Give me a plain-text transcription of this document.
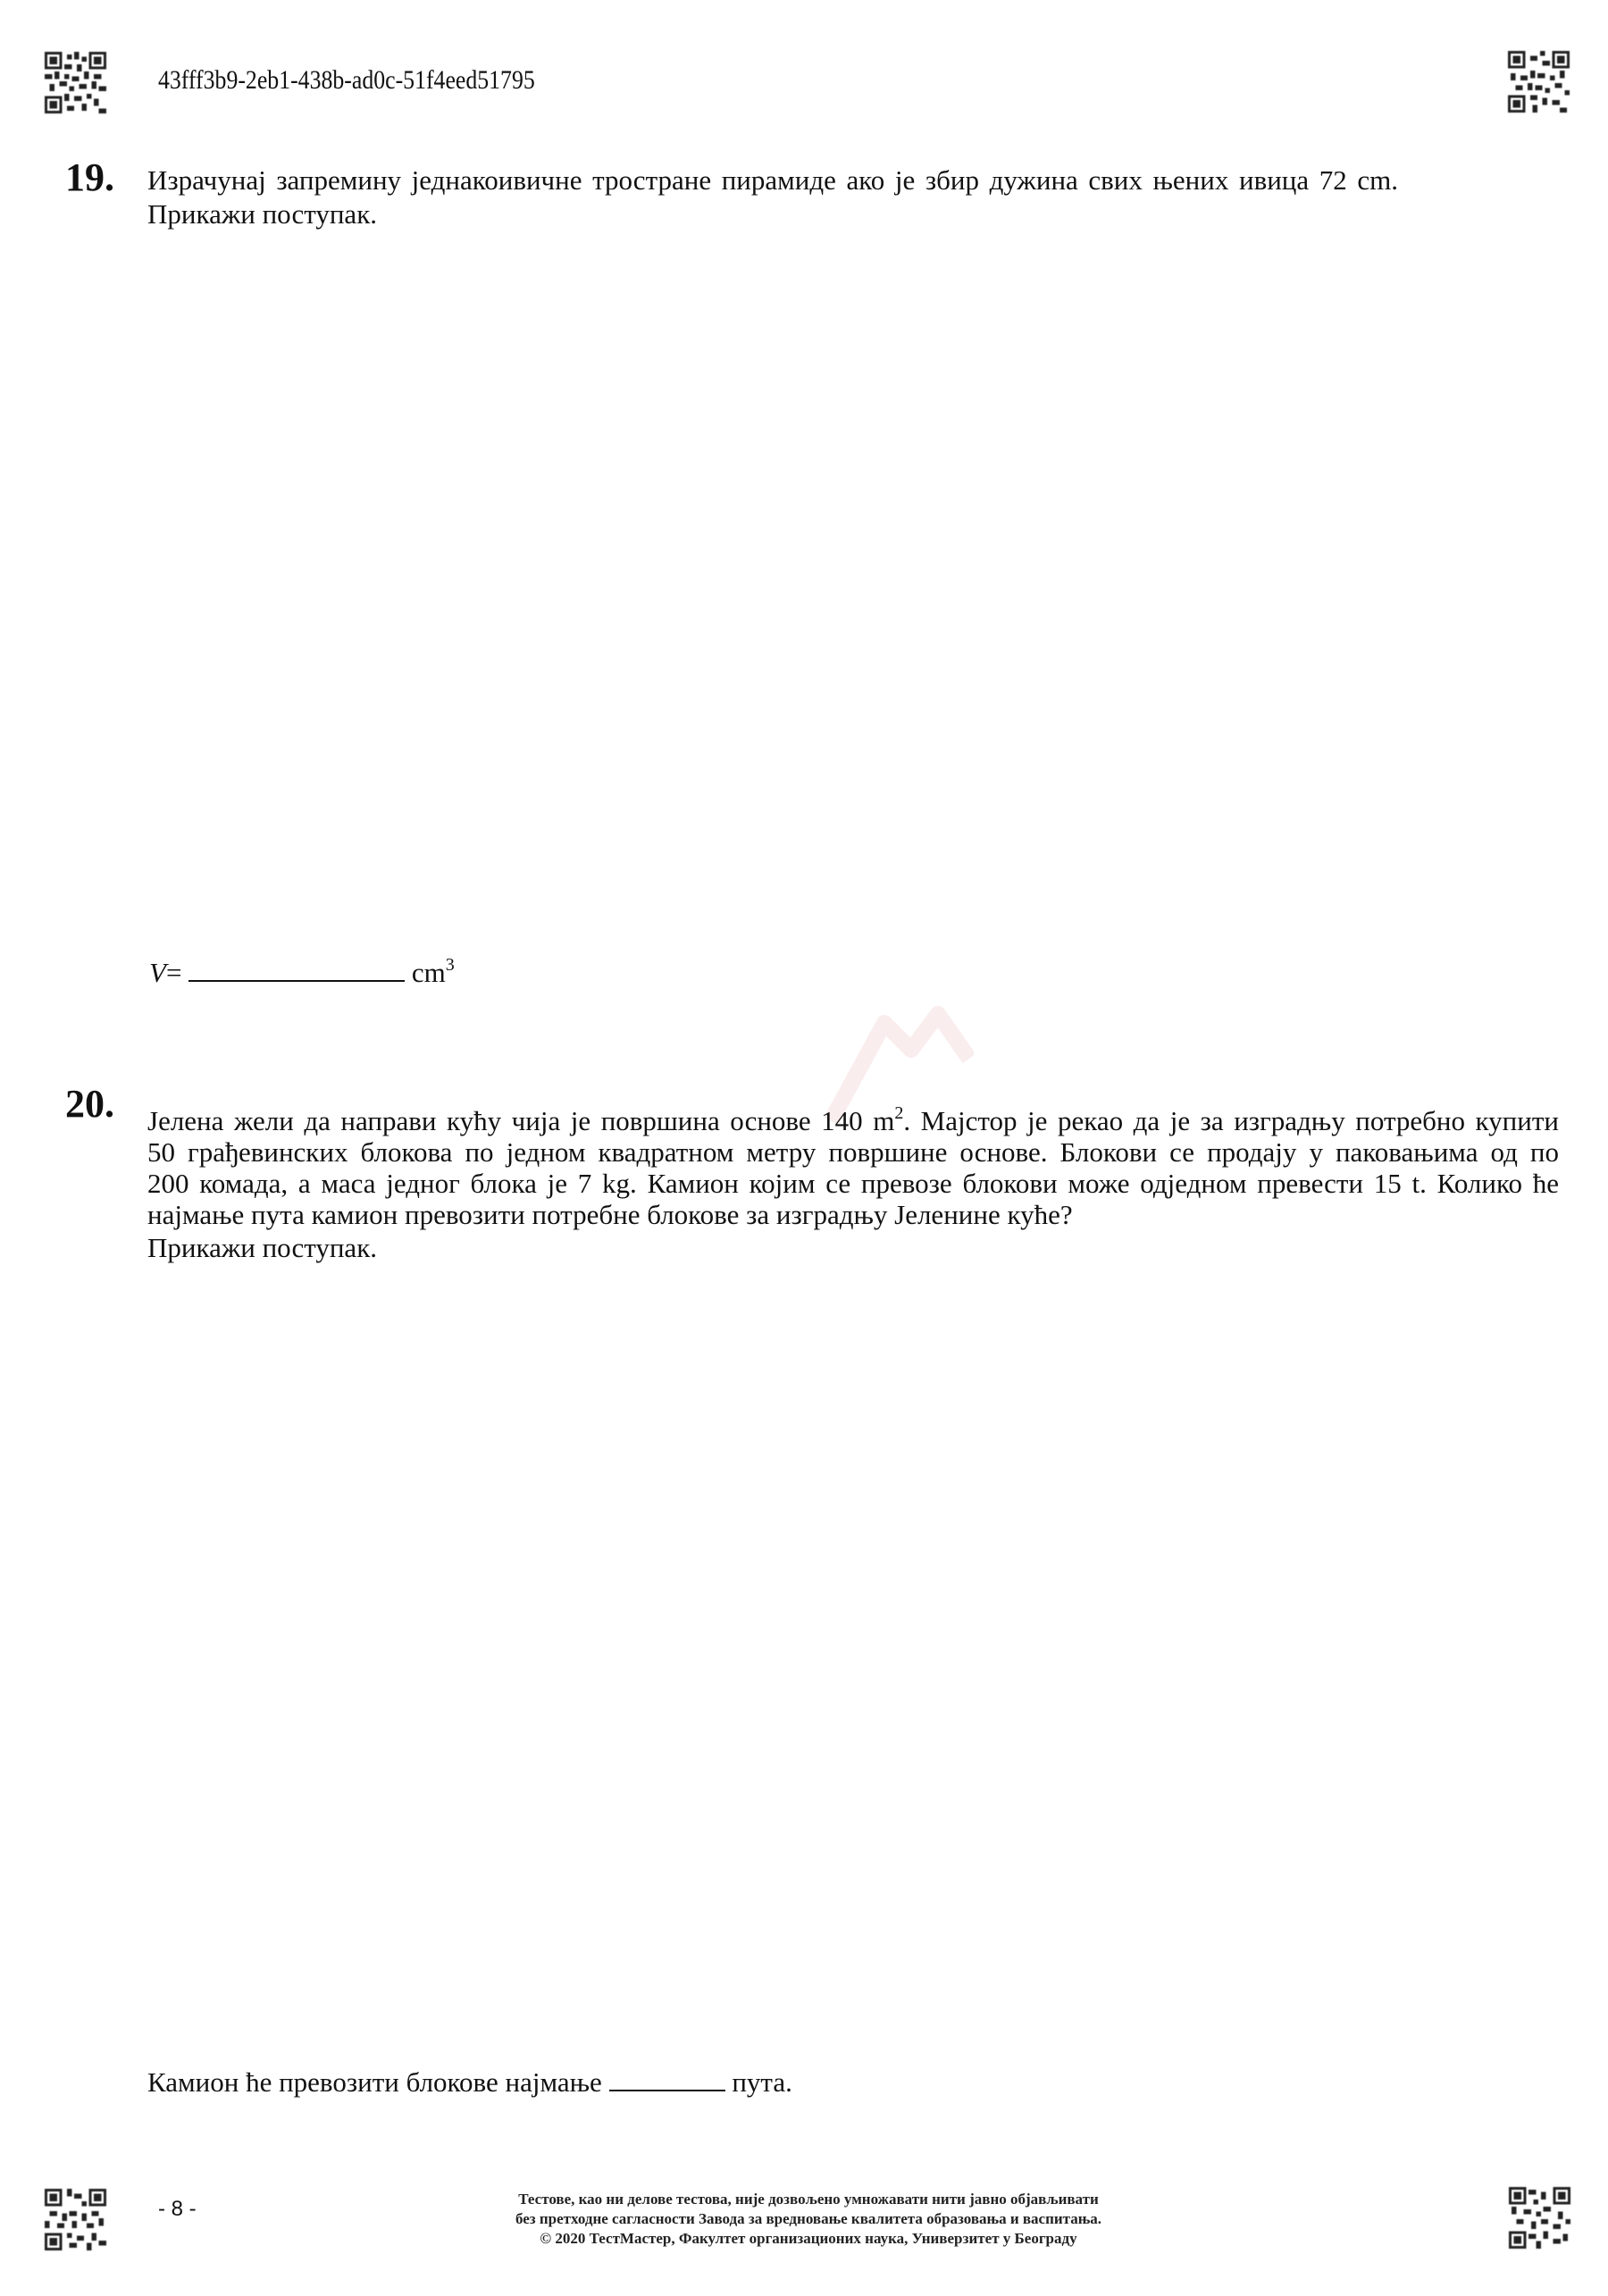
43fff3b9-2eb1-438b-ad0c-51f4eed51795
19. Израчунај запремину једнакоивичне тростране пирамиде ако је збир дужина свих њених ивица 72 cm.
Прикажи поступак.
V=	$cm^3$
20. Јелена жели да направи кућу чија је површина основе 140 $m^2$. Мајстор је рекао да је за изградњу потребно купити
50 грађевинских блокова по једном квадратном метру површине основе. Блокови се продају у паковањима од по
200 комада, а маса једног блока је 7 kg. Камион којим се превозе блокови може одједном превести 15 t. Колико ће
најмање пута камион превозити потребне блокове за изградњу Јеленине куће?
Прикажи поступак.
Камион ће превозити блокове најмање	пута.
- 8 -	Тестове, као ни делове тестова, није дозвољено умножавати нити јавно објављивати
без претходне сагласности Завода за вредновање квалитета образовања и васпитања.
© 2020 ТестМастер, Факултет организационих наука, Универзитет у Београду
